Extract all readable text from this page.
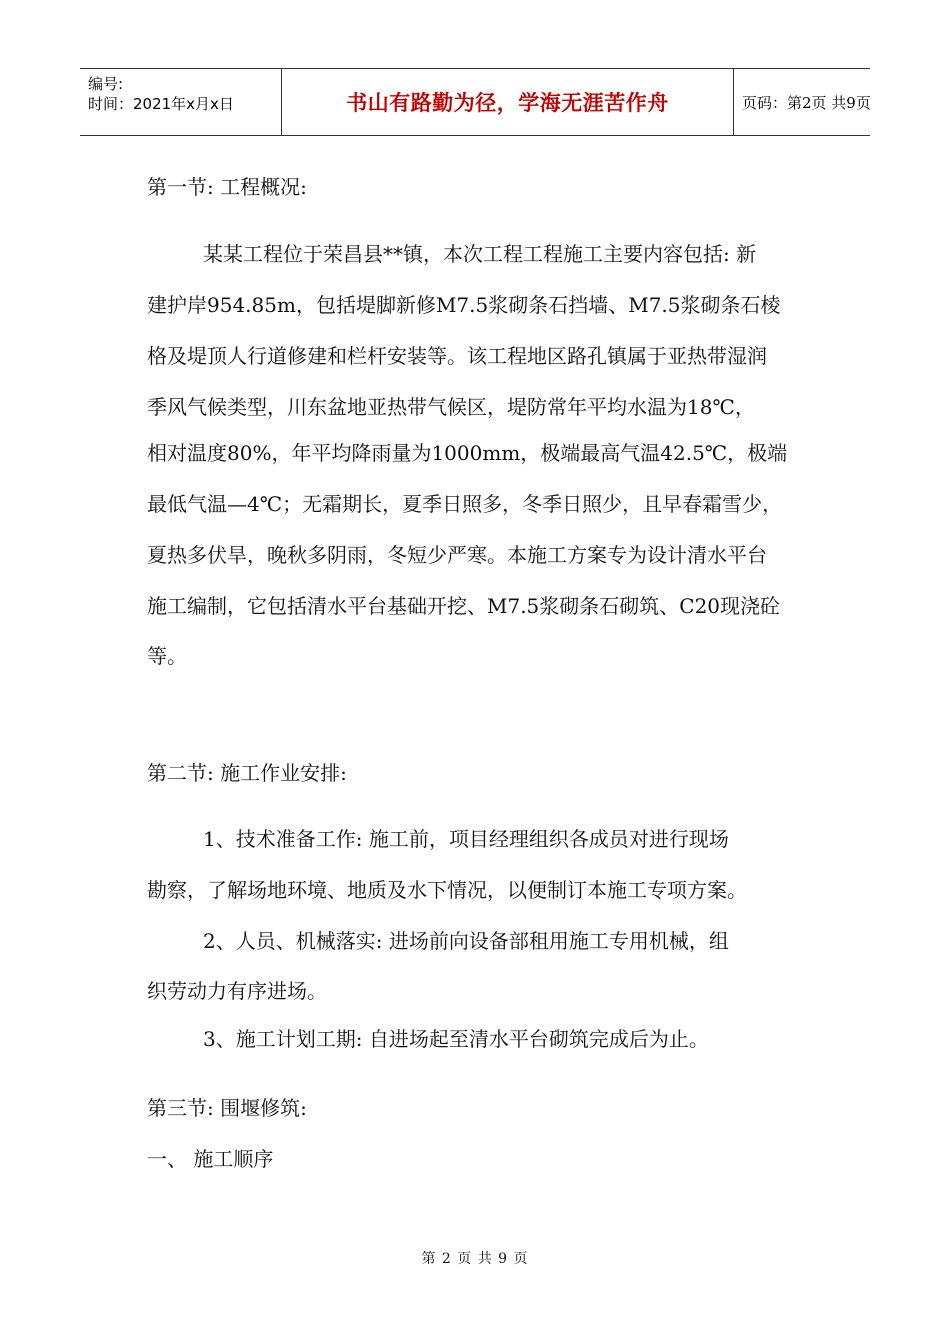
编号:
时间：2021年x月x日	书山有路勤为径，学海无涯苦作舟	页码：第2页 共9页
第一节: 工程概况:
某某工程位于荣昌县**镇，本次工程工程施工主要内容包括: 新
建护岸954.85m，包括堤脚新修M7.5浆砌条石挡墙、M7.5浆砌条石棱
格及堤顶人行道修建和栏杆安装等。该工程地区路孔镇属于亚热带湿润
季风气候类型，川东盆地亚热带气候区，堤防常年平均水温为18℃，
相对温度80%，年平均降雨量为1000mm，极端最高气温42.5℃，极端
最低气温—4℃；无霜期长，夏季日照多，冬季日照少，且早春霜雪少，
夏热多伏旱，晚秋多阴雨，冬短少严寒。本施工方案专为设计清水平台
施工编制，它包括清水平台基础开挖、M7.5浆砌条石砌筑、C20现浇砼
等。
第二节: 施工作业安排:
1、技术准备工作: 施工前，项目经理组织各成员对进行现场
勘察，了解场地环境、地质及水下情况，以便制订本施工专项方案。
2、人员、机械落实: 进场前向设备部租用施工专用机械，组
织劳动力有序进场。
3、施工计划工期: 自进场起至清水平台砌筑完成后为止。
第三节: 围堰修筑:
一、 施工顺序
第 2 页 共 9 页
